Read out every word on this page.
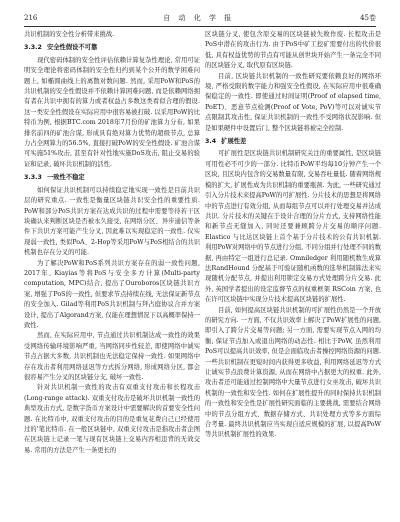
216	自 动 化 学 报	45卷

共识机制的安全性分析带来挑战.

3.3.2 安全性假设不可靠

现代密码体制的安全性评估依赖计算复杂性理论, 常用可证明安全理论将密码体制的安全性归约到某个公开的数学困难问题上, 如椭圆曲线上的离散对数问题. 然而, 采用PoW和PoS的共识机制的安全性假设并不依赖计算困难问题, 而是依赖网络拥有者在共识中拥有的算力或者权益占多数这类看似合理的假设. 这一类安全性假设在实际应用中很容易被打破. 以采用PoW的比特币为例, 根据BTC.com 2018年7月份的矿池算力分布, 如果排名前四的矿池合谋, 形成具有绝对算力优势的超级节点, 总算力占全网算力的56.5%, 直接打破PoW的安全性假设. 矿池合谋可实施51%攻击, 甚至有针对性地实施DoS攻击, 阻止交易的验证和记录, 破坏共识机制的活性.

3.3.3 一致性不稳定

如何保证共识机制可以持续稳定地实现一致性是目前共识层的研究重点. 一致性是衡量区块链共识安全性的重要性质. PoW和部分PoS共识方案在达成共识的过程中需要等待若干区块确认来判断区块是否被永久接受, 在网络分区、异步通信等条件下共识方案可能产生分叉, 因此难以实现稳定的一致性. 仅实现弱一致性, 类似PoA、2-Hop等采用PoW与PoS相结合的共识机制也存在分叉的可能.

为了解决PoW和PoS系列共识方案存在的弱一致性问题, 2017年, Kiayias等将PoS与安全多方计算(Multi-party computation, MPC)结合, 提出了Ouroboros区块链共识方案, 增强了PoS的一致性, 但要求节点持续在线, 无法保证新节点的安全加入. Gilad等利用PoS共识机制与拜占庭协议合并方案设计, 提出了Algorand方案, 仅能在理想情况下以高概率保持一致性.

然而, 在实际应用中, 节点通过共识机制达成一致性的效果受网络传输环境影响严重, 当网络同步性较差, 即使网络中诚实节点占据大多数, 共识机制也无法稳定保持一致性. 如果网络中存在攻击者利用网络延迟等方式拆分网络, 形成网络分区, 都会很容易产生分叉的区块链分支, 破坏一致性.

针对共识机制一致性的攻击有双重支付攻击和长程攻击(Long-range attack). 双重支付攻击是破坏共识机制一致性的典型攻击方式, 是数字货币方案设计中需要解决的首要安全性问题. 在比特币中, 双重支付攻击的目的是重复花费自己已经使用过的'笔比特币. 在一般区块链中, 双重支付攻击是指攻击者企图在区块链上记录一笔与现有区块链上交易内容相违背的无效交易. 常用的方法是产生一条更长的

区块链分叉, 使包含原交易的区块链被失败作废. 长程攻击是PoS中潜在的攻击行为. 由于PoS中矿工挖矿需要付出的代价很低, 具有权益优势的节点有可能从创世块开始产生一条完全不同的区块链分叉, 取代原有区块链.

目前, 区块链共识机制的一致性研究要依赖良好的网络环境, 严格受限的数字能力和强安全性假设, 在实际应用中很难确保稳定的一致性. 即使通过时间证明(Proof of elapsed time, PoET)、恶意节点检测(Proof of Vote, PoV)等可以对诚实节点限制其攻击性, 保证共识机制的一致性不受网络状况影响. 但是如果硬件中设置后门, 整个区块链将被完全控制.

3.4 扩展性差

可扩展性是区块链共识机制研究关注的重要属性, 是区块链可用性必不可少的一部分. 比特币PoW平均每10分钟产生一个区块, 且区块内包含的交易数量有限, 交易吞吐量低. 随着网络规模的扩大, 扩展性成为共识机制的重要瓶颈. 为此, 一些研究通过引入分片技术来提高PoW的可扩展性. 分片技术的思想是将网络中的节点进行有效分组, 从而每组节点可以并行处理交易并达成共识. 分片技术的关键在于设计合理的分片方式, 支持网络性能和新节点无缝加入, 同时还要兼顾跨分片交易的顺序问题. Elastico 与比达区块链上首个基于分片技术的公有共识机制. 利用PoW对网络中的节点进行分组, 不同分组并行处理不同的数据, 再由特定一组进行总记录. Omniledger 利用随机数生成算法RandHound 分配基于可验证随机函数的选举机制算法来实现随机分配节点, 并提出利用锁定交易方式处理跨分片交易. 此外, 英国学者提出的设定监督节点的权重框架 RSCoin 方案, 也在许可区块链中实现分片技术提高区块链的扩展性.

目前, 如何提高区块链共识机制的可扩展性仍然是一个开放的研究方向. 一方面, 不仅共识效率上解决了PoW扩展性的问题, 即引入了跨分片交易等问题; 另一方面, 需要实现节点入网的均衡, 保证节点加入或退出网络的动态性. 相比于PoW, 虽然利用PoS可以提高共识效率, 但是会面临攻击者操控网络资源的问题. 一些共识机制在更短时间内获得更多收益, 利用网络延迟等方式让诚实节点浪费计算资源, 从而在网络中占据更大的权重. 此外, 攻击者还可能通过控制网络中大量节点进行女巫攻击, 破坏共识机制的一致性和安全性. 如何在扩展性提升的同时保持共识机制的一致性和安全性是扩展性研究面临的主要挑战, 需要结合网络中的节点分组方式、数据存储方式、共识处理方式等多方面综合考量. 最终共识机制应当实现自适应规模的扩展, 以提高PoW等共识机制扩展性的效果.
